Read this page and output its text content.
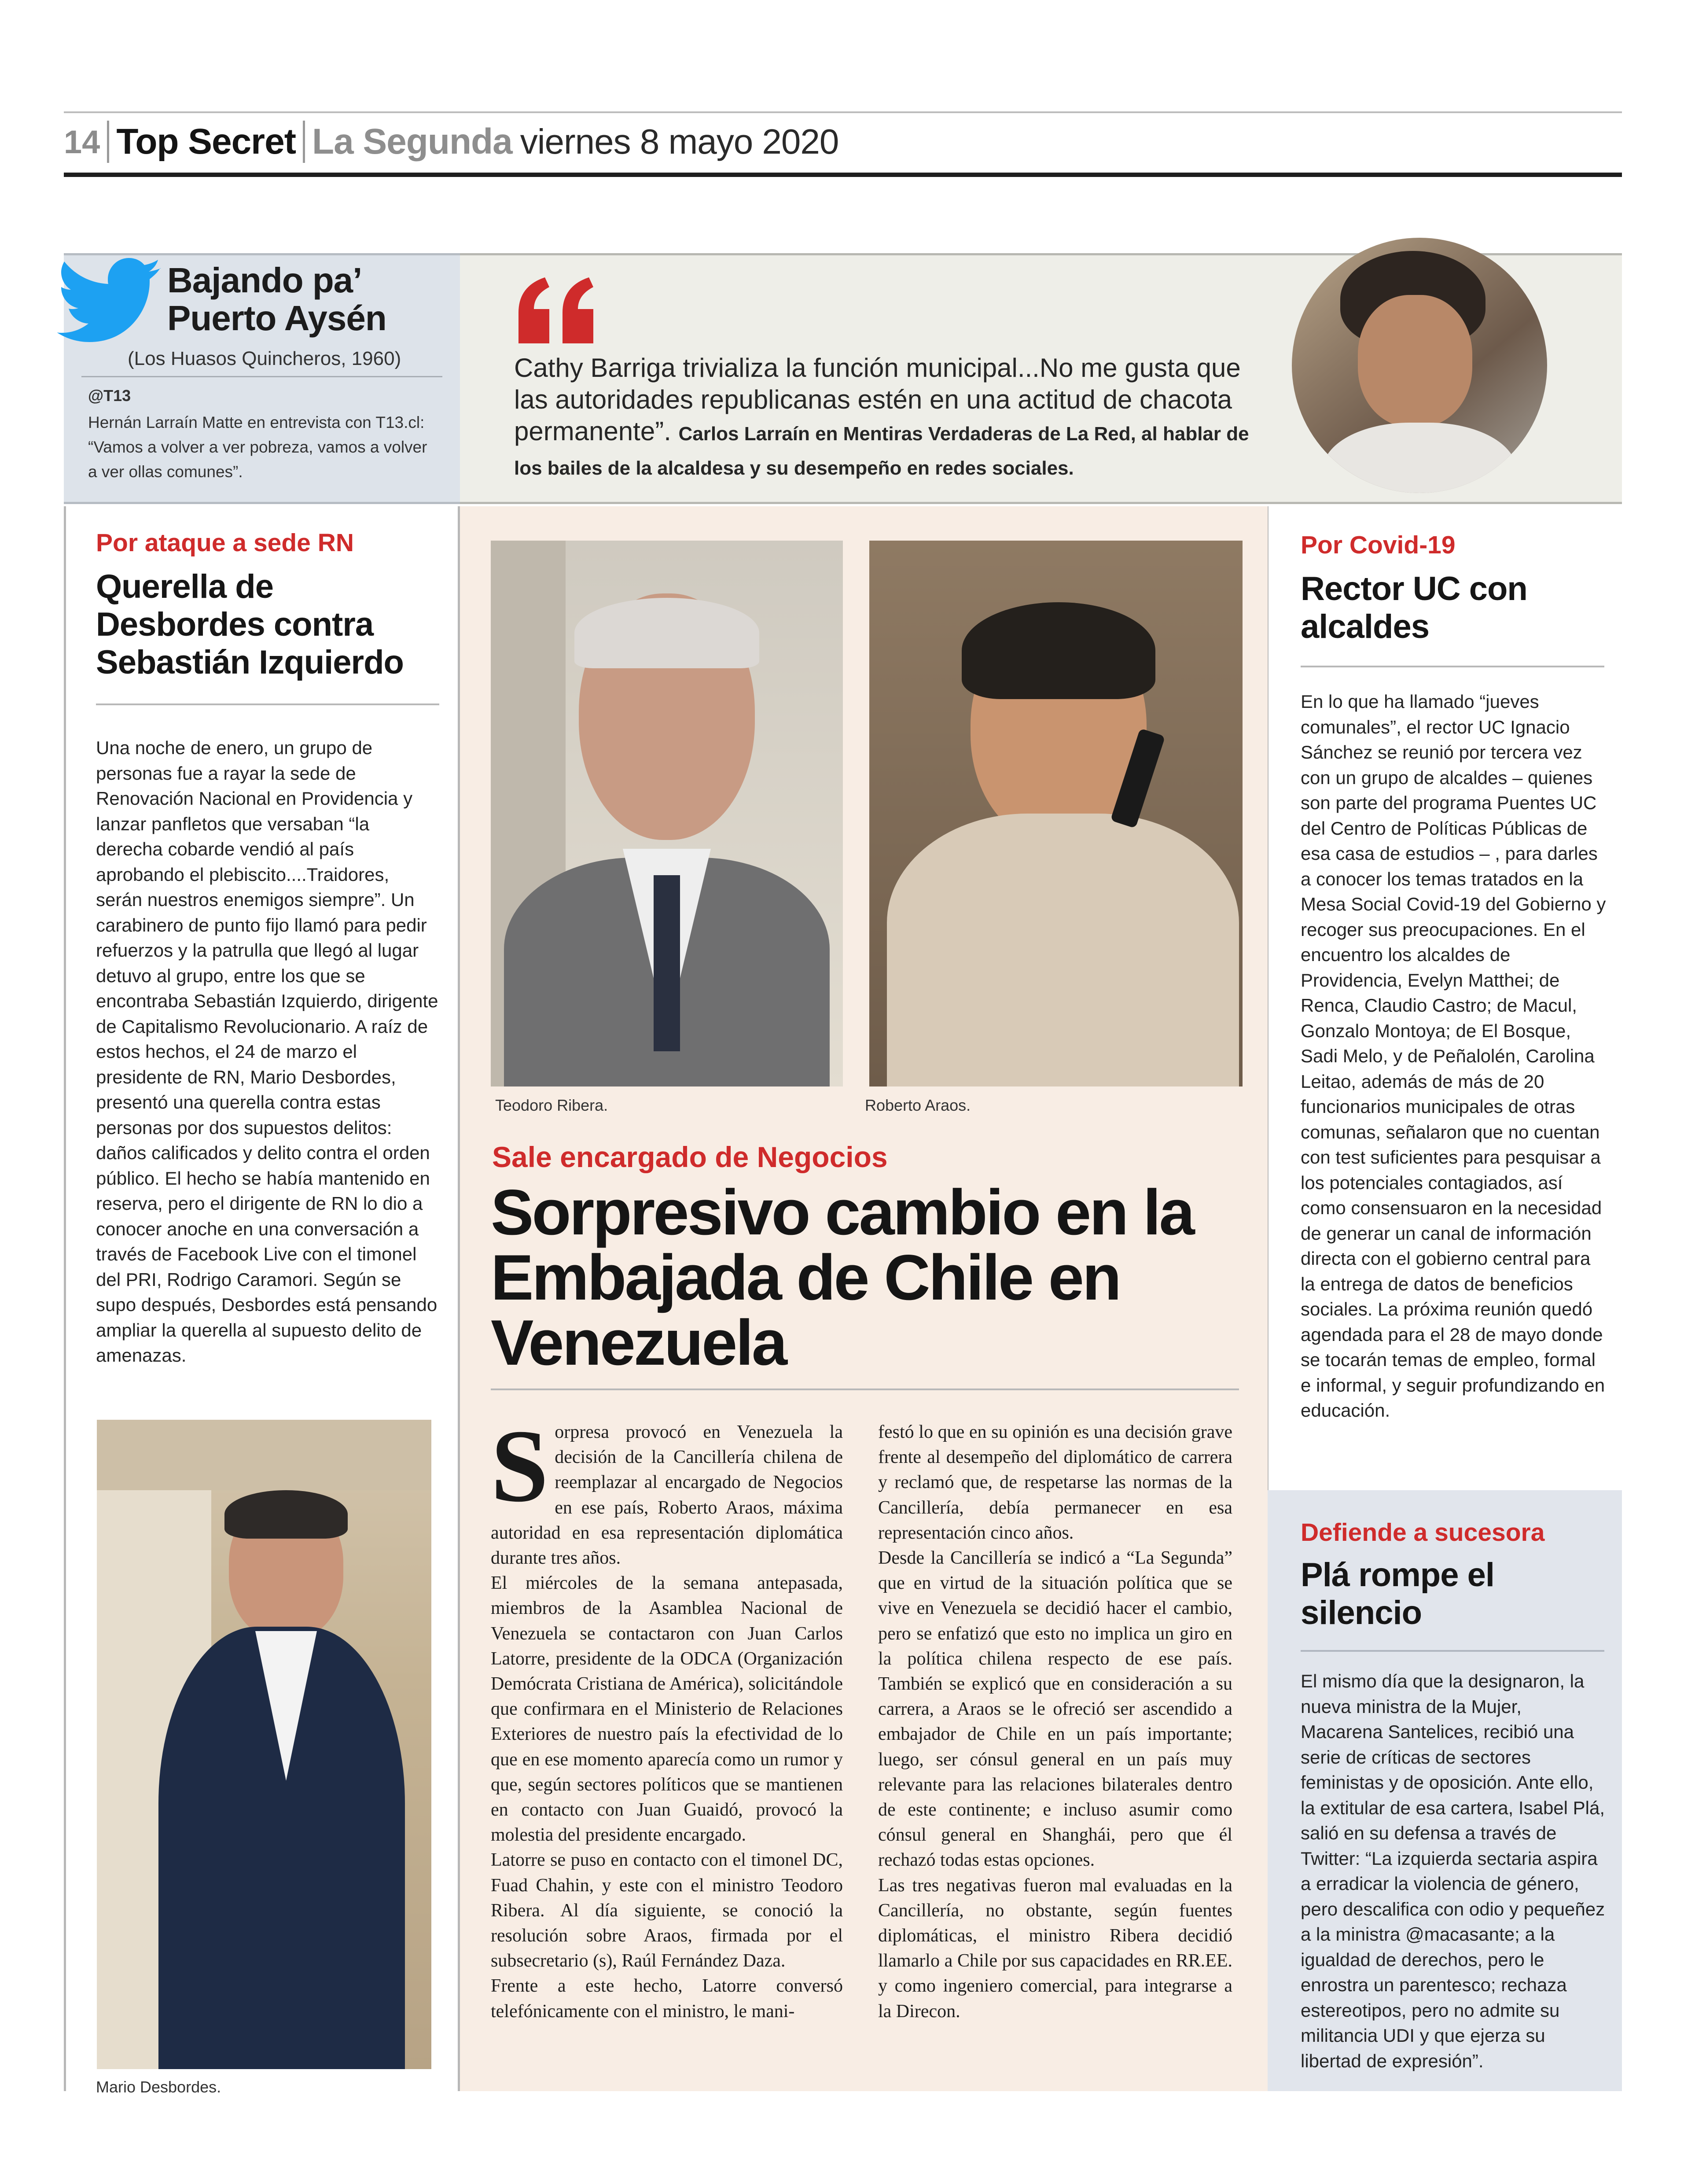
14 Top Secret La Segunda viernes 8 mayo 2020
Bajando pa’ Puerto Aysén
(Los Huasos Quincheros, 1960)
@T13
Hernán Larraín Matte en entrevista con T13.cl: “Vamos a volver a ver pobreza, vamos a volver a ver ollas comunes”.
Cathy Barriga trivializa la función municipal...No me gusta que las autoridades republicanas estén en una actitud de chacota permanente”. Carlos Larraín en Mentiras Verdaderas de La Red, al hablar de los bailes de la alcaldesa y su desempeño en redes sociales.
Por ataque a sede RN
Querella de Desbordes contra Sebastián Izquierdo
Una noche de enero, un grupo de personas fue a rayar la sede de Renovación Nacional en Providencia y lanzar panfletos que versaban “la derecha cobarde vendió al país aprobando el plebiscito....Traidores, serán nuestros enemigos siempre”. Un carabinero de punto fijo llamó para pedir refuerzos y la patrulla que llegó al lugar detuvo al grupo, entre los que se encontraba Sebastián Izquierdo, dirigente de Capitalismo Revolucionario. A raíz de estos hechos, el 24 de marzo el presidente de RN, Mario Desbordes, presentó una querella contra estas personas por dos supuestos delitos: daños calificados y delito contra el orden público. El hecho se había mantenido en reserva, pero el dirigente de RN lo dio a conocer anoche en una conversación a través de Facebook Live con el timonel del PRI, Rodrigo Caramori. Según se supo después, Desbordes está pensando ampliar la querella al supuesto delito de amenazas.
Mario Desbordes.
Teodoro Ribera.	Roberto Araos.
Sale encargado de Negocios
Sorpresivo cambio en la Embajada de Chile en Venezuela
Sorpresa provocó en Venezuela la decisión de la Cancillería chilena de reemplazar al encargado de Negocios en ese país, Roberto Araos, máxima autoridad en esa representación diplomática durante tres años.
El miércoles de la semana antepasada, miembros de la Asamblea Nacional de Venezuela se contactaron con Juan Carlos Latorre, presidente de la ODCA (Organización Demócrata Cristiana de América), solicitándole que confirmara en el Ministerio de Relaciones Exteriores de nuestro país la efectividad de lo que en ese momento aparecía como un rumor y que, según sectores políticos que se mantienen en contacto con Juan Guaidó, provocó la molestia del presidente encargado.
Latorre se puso en contacto con el timonel DC, Fuad Chahin, y este con el ministro Teodoro Ribera. Al día siguiente, se conoció la resolución sobre Araos, firmada por el subsecretario (s), Raúl Fernández Daza.
Frente a este hecho, Latorre conversó telefónicamente con el ministro, le mani-
festó lo que en su opinión es una decisión grave frente al desempeño del diplomático de carrera y reclamó que, de respetarse las normas de la Cancillería, debía permanecer en esa representación cinco años.
Desde la Cancillería se indicó a “La Segunda” que en virtud de la situación política que se vive en Venezuela se decidió hacer el cambio, pero se enfatizó que esto no implica un giro en la política chilena respecto de ese país. También se explicó que en consideración a su carrera, a Araos se le ofreció ser ascendido a embajador de Chile en un país importante; luego, ser cónsul general en un país muy relevante para las relaciones bilaterales dentro de este continente; e incluso asumir como cónsul general en Shanghái, pero que él rechazó todas estas opciones.
Las tres negativas fueron mal evaluadas en la Cancillería, no obstante, según fuentes diplomáticas, el ministro Ribera decidió llamarlo a Chile por sus capacidades en RR.EE. y como ingeniero comercial, para integrarse a la Direcon.
Por Covid-19
Rector UC con alcaldes
En lo que ha llamado “jueves comunales”, el rector UC Ignacio Sánchez se reunió por tercera vez con un grupo de alcaldes – quienes son parte del programa Puentes UC del Centro de Políticas Públicas de esa casa de estudios – , para darles a conocer los temas tratados en la Mesa Social Covid-19 del Gobierno y recoger sus preocupaciones. En el encuentro los alcaldes de Providencia, Evelyn Matthei; de Renca, Claudio Castro; de Macul, Gonzalo Montoya; de El Bosque, Sadi Melo, y de Peñalolén, Carolina Leitao, además de más de 20 funcionarios municipales de otras comunas, señalaron que no cuentan con test suficientes para pesquisar a los potenciales contagiados, así como consensuaron en la necesidad de generar un canal de información directa con el gobierno central para la entrega de datos de beneficios sociales. La próxima reunión quedó agendada para el 28 de mayo donde se tocarán temas de empleo, formal e informal, y seguir profundizando en educación.
Defiende a sucesora
Plá rompe el silencio
El mismo día que la designaron, la nueva ministra de la Mujer, Macarena Santelices, recibió una serie de críticas de sectores feministas y de oposición. Ante ello, la extitular de esa cartera, Isabel Plá, salió en su defensa a través de Twitter: “La izquierda sectaria aspira a erradicar la violencia de género, pero descalifica con odio y pequeñez a la ministra @macasante; a la igualdad de derechos, pero le enrostra un parentesco; rechaza estereotipos, pero no admite su militancia UDI y que ejerza su libertad de expresión”.
